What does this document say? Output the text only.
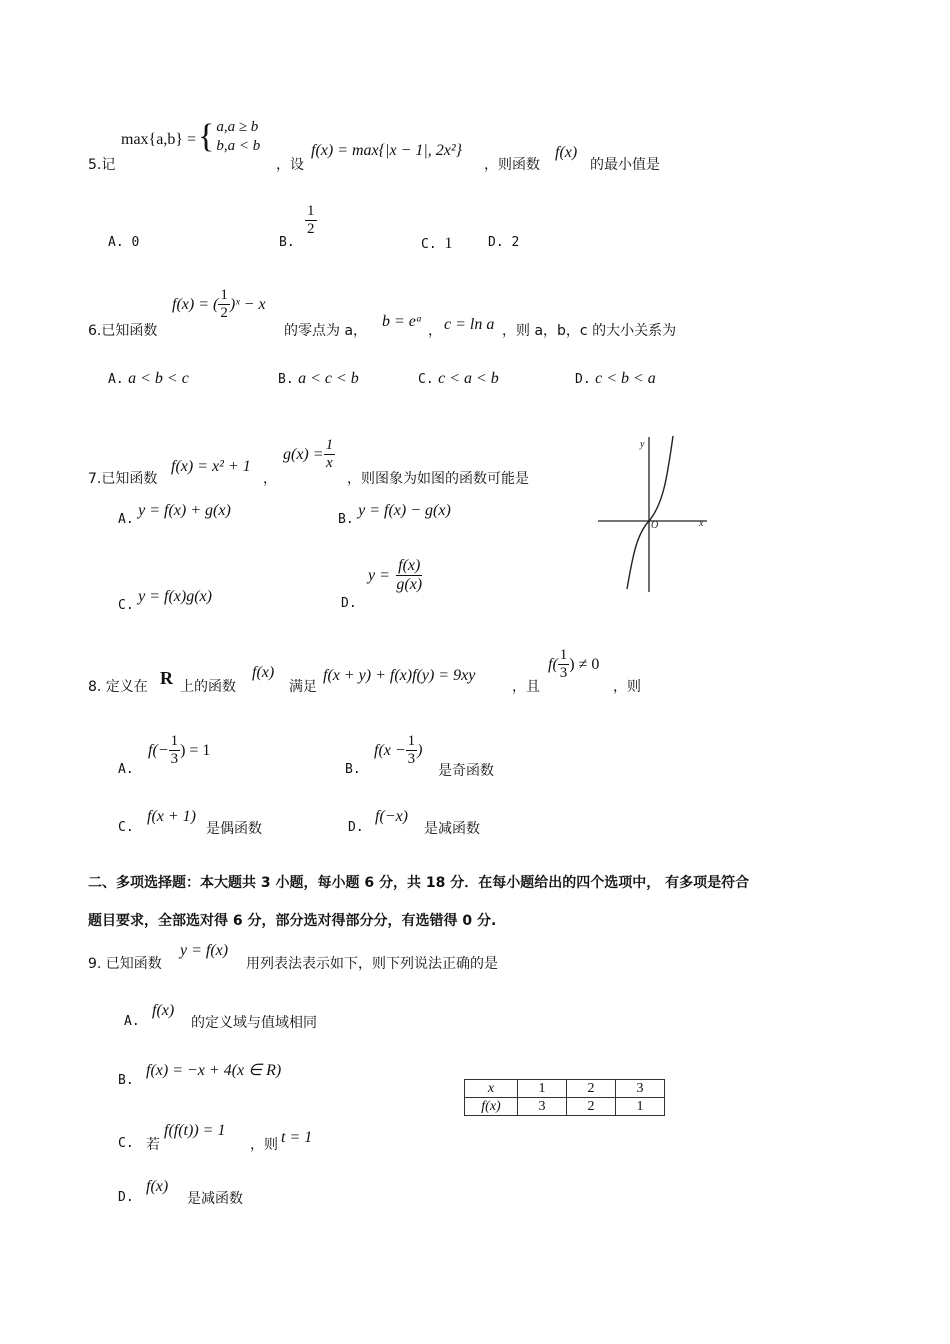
5.记
max{a,b} = { a,a ≥ b
b,a < b
，设
f(x) = max{|x − 1|, 2x²}
，则函数
f(x)
的最小值是
A. 0	B.
$\frac{1}{2}$
C. 1	D. 2
6.已知函数
f(x) = ( $\frac{1}{2}$ )ˣ − x
的零点为 a，
b = eᵃ
， c = ln a ，则 a，b，c 的大小关系为
A. a < b < c	B. a < c < b	C. c < a < b	D. c < b < a
7.已知函数
f(x) = x² + 1
，
$g(x) = \frac{1}{x}$
，则图象为如图的函数可能是
A. y = f(x) + g(x)
B. y = f(x) − g(x)
C. y = f(x)g(x)	D.
y =
$\frac{f(x)}{g(x)}$
y
x
O
8. 定义在 R 上的函数
f(x)
满足
f(x + y) + f(x)f(y) = 9xy
，且
$f( \frac{1}{3}$ ) ≠ 0
，则
A.
$f(- \frac{1}{3}$ ) = 1
B.
$f(x - \frac{1}{3}$ )
是奇函数
C.
f(x + 1)
是偶函数	D.
f(−x)
是减函数
二、多项选择题：本大题共 3 小题，每小题 6 分，共 18 分．在每小题给出的四个选项中， 有多项是符合
题目要求，全部选对得 6 分，部分选对得部分分，有选错得 0 分.
9. 已知函数
y = f(x)
用列表法表示如下，则下列说法正确的是
A.
f(x)
的定义域与值域相同
B.
f(x) = −x + 4(x ∈ R)
C. 若
f(f(t)) = 1
，则 t = 1
D.
f(x)
是减函数
x	1	2	3
f(x)	3	2	1
